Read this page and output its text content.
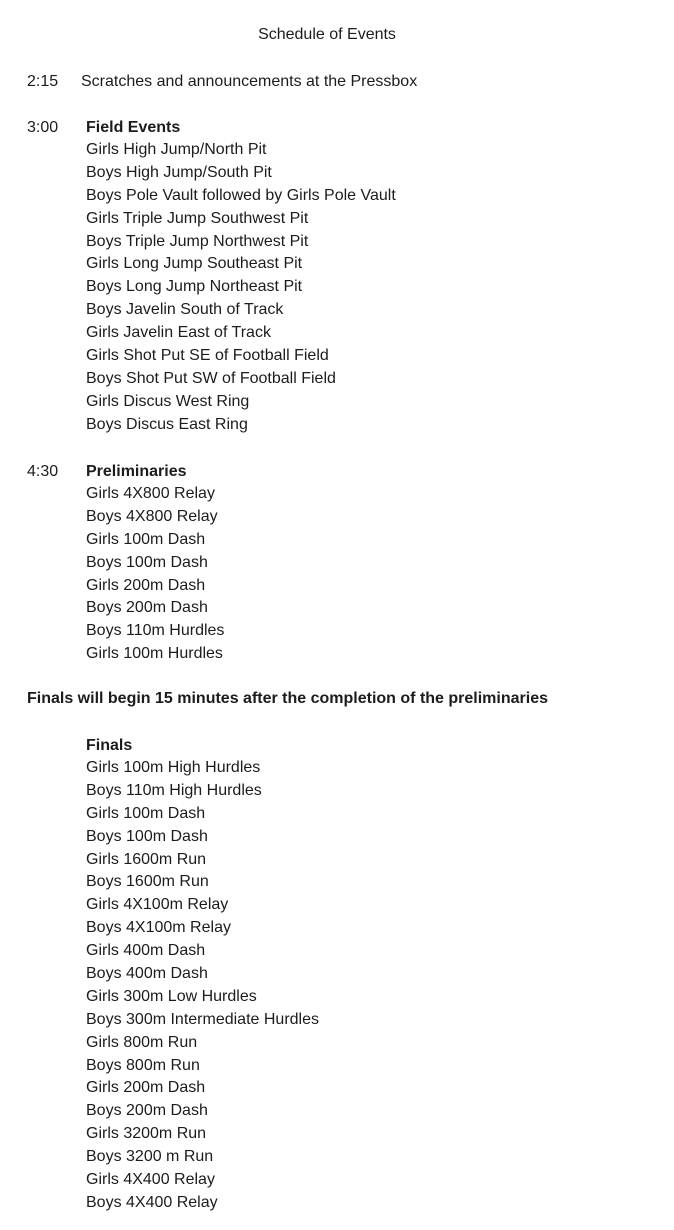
Schedule of Events
2:15 Scratches and announcements at the Pressbox
3:00 Field Events
Girls High Jump/North Pit
Boys High Jump/South Pit
Boys Pole Vault followed by Girls Pole Vault
Girls Triple Jump Southwest Pit
Boys Triple Jump Northwest Pit
Girls Long Jump Southeast Pit
Boys Long Jump Northeast Pit
Boys Javelin South of Track
Girls Javelin East of Track
Girls Shot Put SE of Football Field
Boys Shot Put SW of Football Field
Girls Discus West Ring
Boys Discus East Ring
4:30 Preliminaries
Girls 4X800 Relay
Boys 4X800 Relay
Girls 100m Dash
Boys 100m Dash
Girls 200m Dash
Boys 200m Dash
Boys 110m Hurdles
Girls 100m Hurdles
Finals will begin 15 minutes after the completion of the preliminaries
Finals
Girls 100m High Hurdles
Boys 110m High Hurdles
Girls 100m Dash
Boys 100m Dash
Girls 1600m Run
Boys 1600m Run
Girls 4X100m Relay
Boys 4X100m Relay
Girls 400m Dash
Boys 400m Dash
Girls 300m Low Hurdles
Boys 300m Intermediate Hurdles
Girls 800m Run
Boys 800m Run
Girls 200m Dash
Boys 200m Dash
Girls 3200m Run
Boys 3200 m Run
Girls 4X400 Relay
Boys 4X400 Relay
